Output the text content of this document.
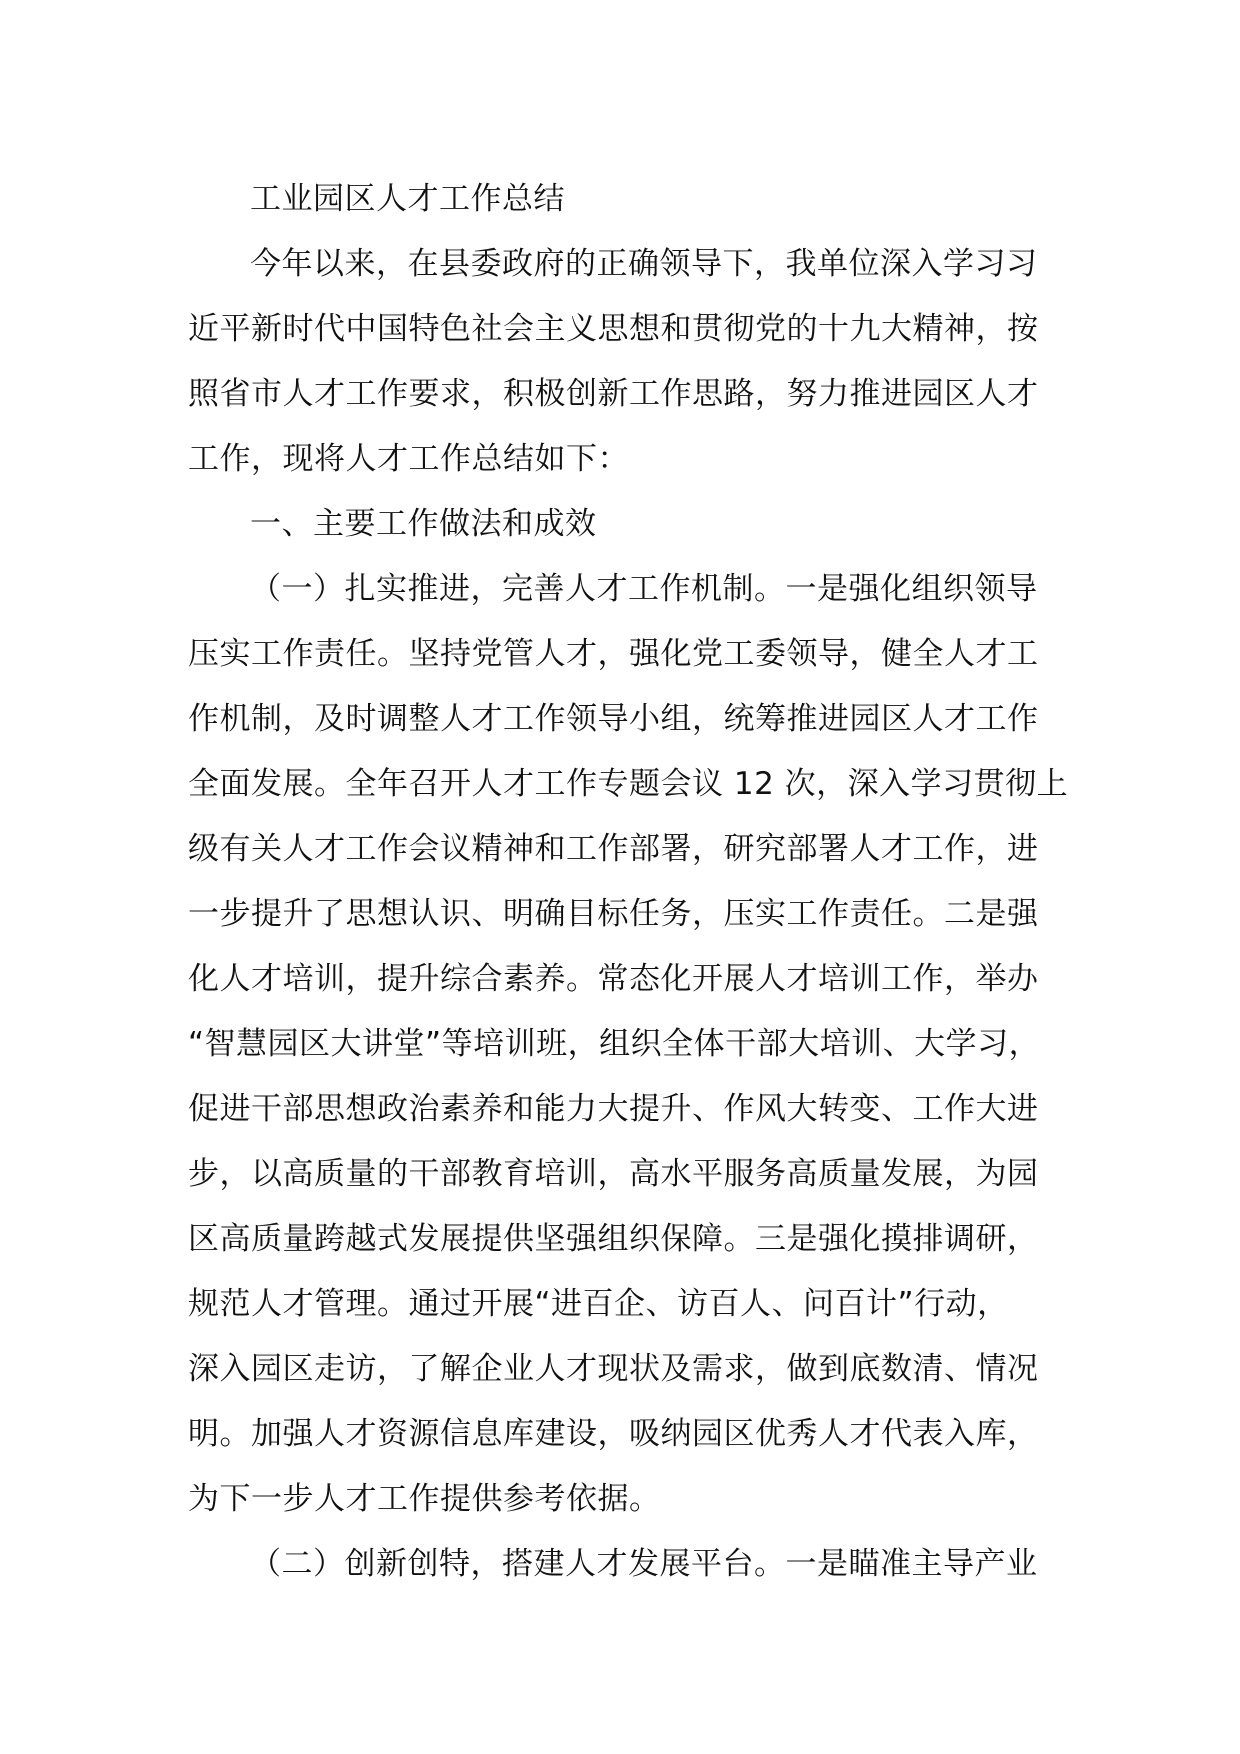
工业园区人才工作总结
今年以来，在县委政府的正确领导下，我单位深入学习习
近平新时代中国特色社会主义思想和贯彻党的十九大精神，按
照省市人才工作要求，积极创新工作思路，努力推进园区人才
工作，现将人才工作总结如下：
一、主要工作做法和成效
（一）扎实推进，完善人才工作机制。一是强化组织领导
压实工作责任。坚持党管人才，强化党工委领导，健全人才工
作机制，及时调整人才工作领导小组，统筹推进园区人才工作
全面发展。全年召开人才工作专题会议 12 次，深入学习贯彻上
级有关人才工作会议精神和工作部署，研究部署人才工作，进
一步提升了思想认识、明确目标任务，压实工作责任。二是强
化人才培训，提升综合素养。常态化开展人才培训工作，举办
“智慧园区大讲堂”等培训班，组织全体干部大培训、大学习，
促进干部思想政治素养和能力大提升、作风大转变、工作大进
步，以高质量的干部教育培训，高水平服务高质量发展，为园
区高质量跨越式发展提供坚强组织保障。三是强化摸排调研，
规范人才管理。通过开展“进百企、访百人、问百计”行动，
深入园区走访，了解企业人才现状及需求，做到底数清、情况
明。加强人才资源信息库建设，吸纳园区优秀人才代表入库，
为下一步人才工作提供参考依据。
（二）创新创特，搭建人才发展平台。一是瞄准主导产业
